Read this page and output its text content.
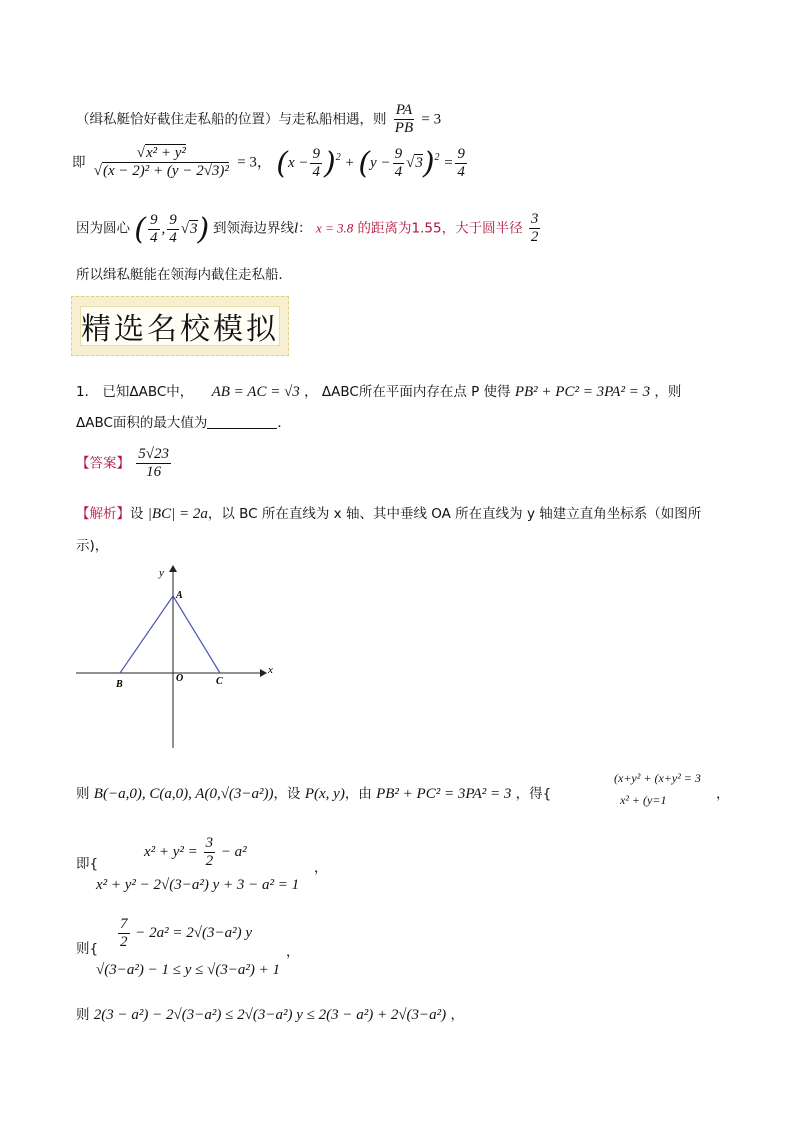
（缉私艇恰好截住走私船的位置）与走私船相遇，则 $\frac{PA}{PB} = 3$
即 $\frac{\text{√x² + y²}}{\text{√(x − 2)² + (y − 2√3)²}} = 3$， $(x - \frac{9}{4} )^2 + (y - \frac{9}{4} √3)^2 = \frac{9}{4}$
因为圆心 ( $\frac{9}{4}$ , $\frac{9}{4} √3$) 到领海边界线l： x = 3.8 的距离为1.55，大于圆半径 $\frac{3}{2}$
所以缉私艇能在领海内截住走私船．
精选名校模拟
1． 已知ΔABC中， AB = AC = √3 ， ΔABC所在平面内存在点 P 使得 PB² + PC² = 3PA² = 3 ，则
ΔABC面积的最大值为	．
【答案】 $\frac{5√23}{16}$
【解析】设 |BC| = 2a，以 BC 所在直线为 x 轴、其中垂线 OA 所在直线为 y 轴建立直角坐标系（如图所
示)，
x
y
A
B
O	C
则 B(−a,0), C(a,0), A(0,√(3−a²))，设 P(x, y)，由 PB² + PC² = 3PA² = 3 ，得{
(x+y² + (x+y² = 3
x² + (y=1	，
即{
$x^2 + y^2 = \frac{3}{2} - a^2$
x² + y² − 2√(3−a²) y + 3 − a² = 1
，
则{ $\frac{7}{2} - 2a^2 = 2√(3-a^2)$ y
√(3−a²) − 1 ≤ y ≤ √(3−a²) + 1
，
则 2(3 − a²) − 2√(3−a²) ≤ 2√(3−a²) y ≤ 2(3 − a²) + 2√(3−a²) ，
